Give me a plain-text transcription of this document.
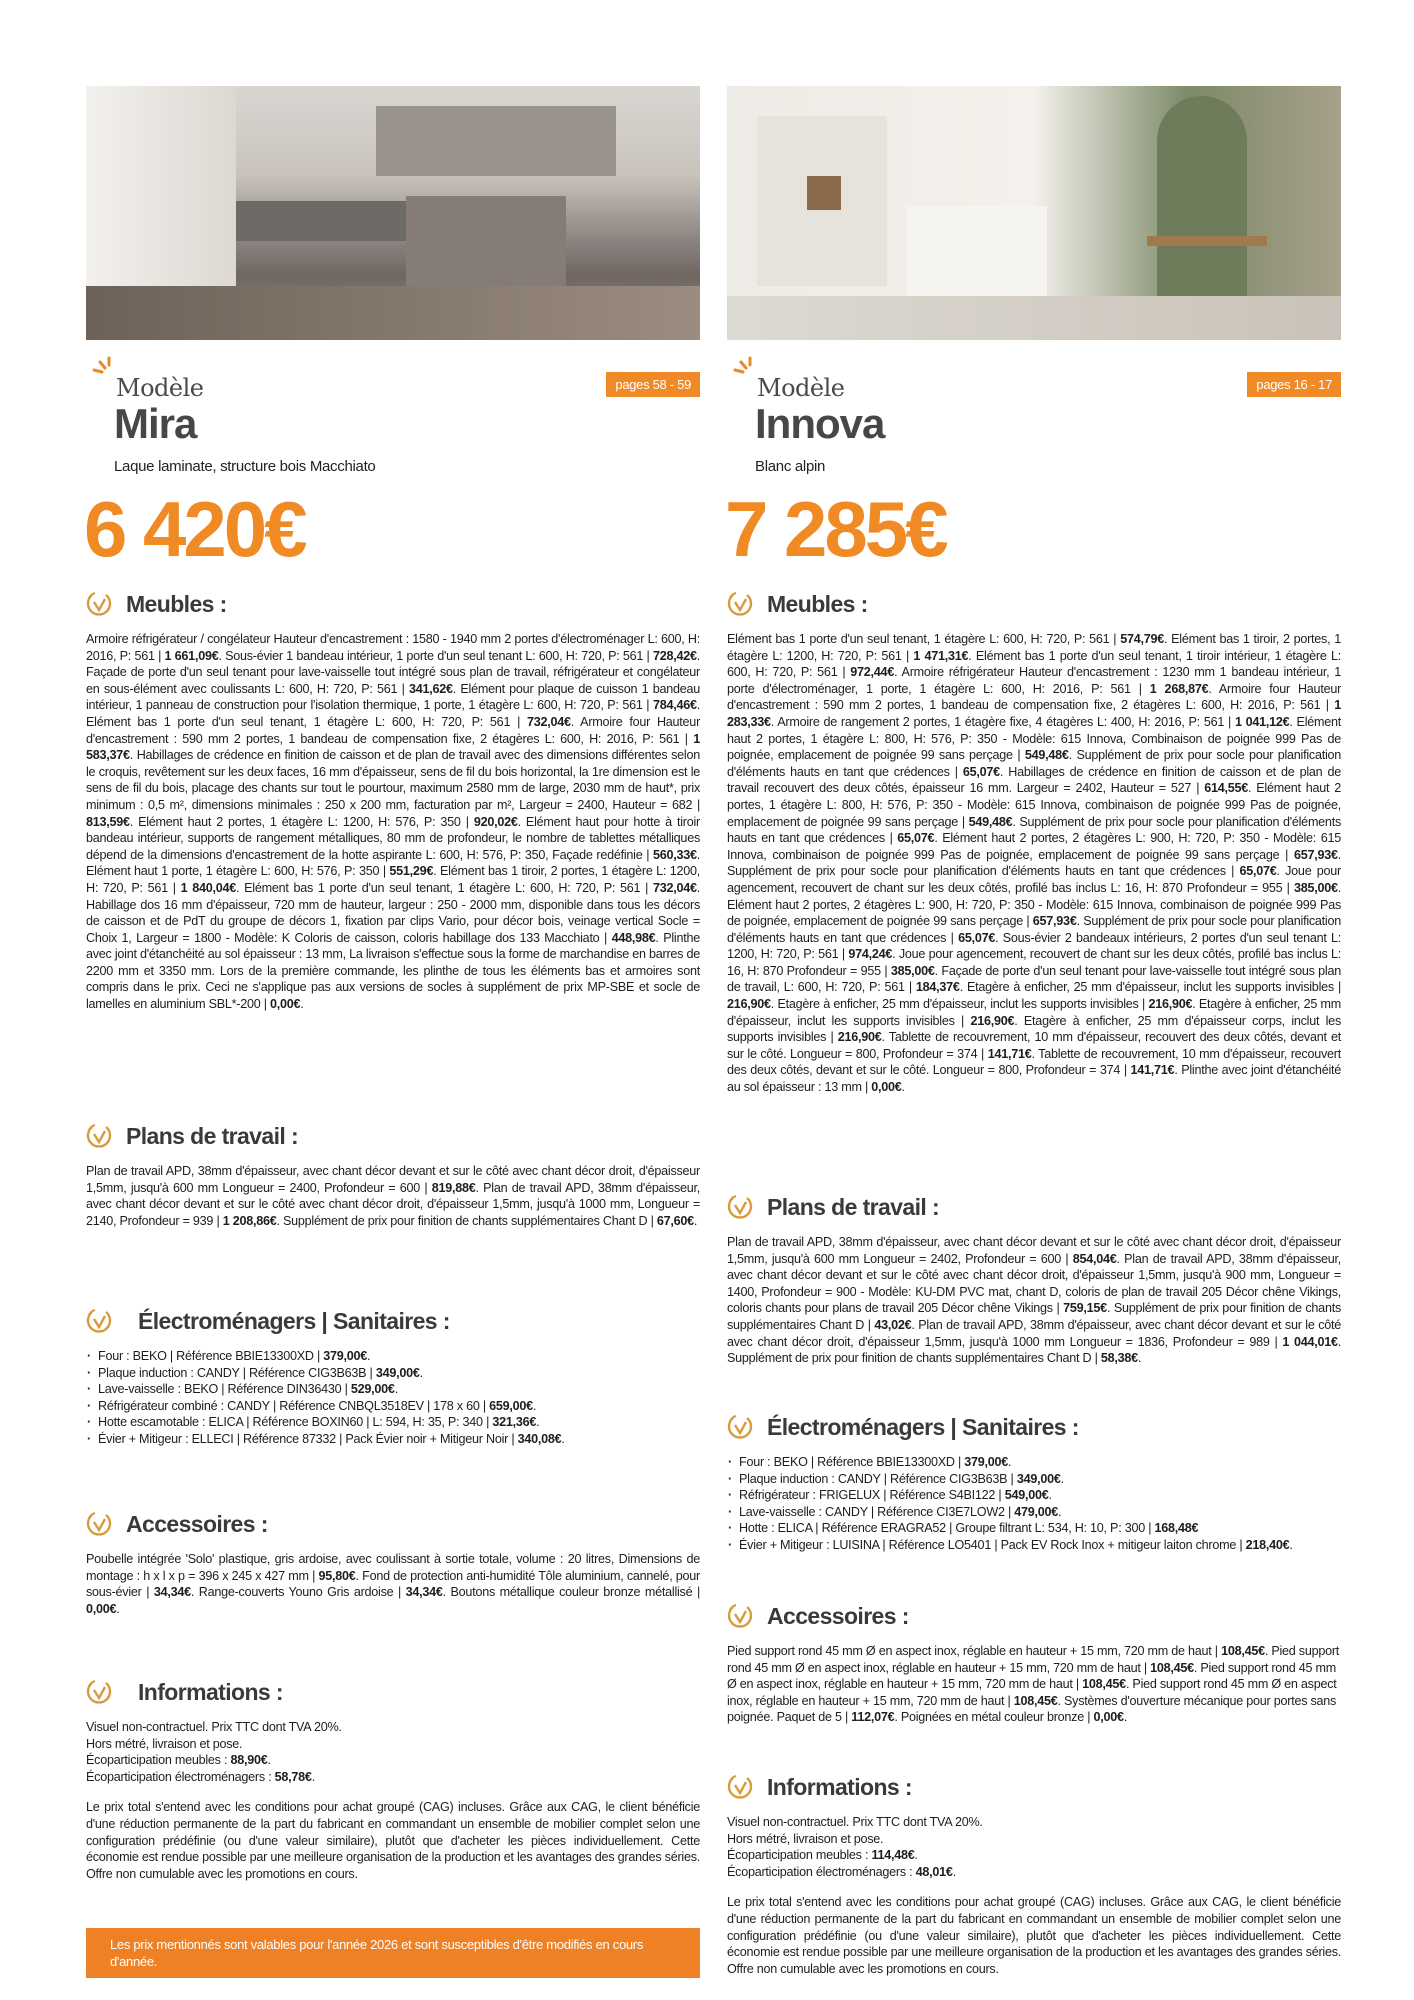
Modèle
Mira
Laque laminate, structure bois Macchiato
pages 58 - 59
6 420€
Meubles :

Armoire réfrigérateur / congélateur Hauteur d'encastrement : 1580 - 1940 mm 2 portes d'électroménager L: 600, H: 2016, P: 561 | 1 661,09€. Sous-évier 1 bandeau intérieur, 1 porte d'un seul tenant L: 600, H: 720, P: 561 | 728,42€. Façade de porte d'un seul tenant pour lave-vaisselle tout intégré sous plan de travail, réfrigérateur et congélateur en sous-élément avec coulissants L: 600, H: 720, P: 561 | 341,62€. Elément pour plaque de cuisson 1 bandeau intérieur, 1 panneau de construction pour l'isolation thermique, 1 porte, 1 étagère L: 600, H: 720, P: 561 | 784,46€. Elément bas 1 porte d'un seul tenant, 1 étagère L: 600, H: 720, P: 561 | 732,04€. Armoire four Hauteur d'encastrement : 590 mm 2 portes, 1 bandeau de compensation fixe, 2 étagères L: 600, H: 2016, P: 561 | 1 583,37€. Habillages de crédence en finition de caisson et de plan de travail avec des dimensions différentes selon le croquis, revêtement sur les deux faces, 16 mm d'épaisseur, sens de fil du bois horizontal, la 1re dimension est le sens de fil du bois, placage des chants sur tout le pourtour, maximum 2580 mm de large, 2030 mm de haut*, prix minimum : 0,5 m², dimensions minimales : 250 x 200 mm, facturation par m², Largeur = 2400, Hauteur = 682 | 813,59€. Elément haut 2 portes, 1 étagère L: 1200, H: 576, P: 350 | 920,02€. Elément haut pour hotte à tiroir bandeau intérieur, supports de rangement métalliques, 80 mm de profondeur, le nombre de tablettes métalliques dépend de la dimensions d'encastrement de la hotte aspirante L: 600, H: 576, P: 350, Façade redéfinie | 560,33€. Elément haut 1 porte, 1 étagère L: 600, H: 576, P: 350 | 551,29€. Elément bas 1 tiroir, 2 portes, 1 étagère L: 1200, H: 720, P: 561 | 1 840,04€. Elément bas 1 porte d'un seul tenant, 1 étagère L: 600, H: 720, P: 561 | 732,04€. Habillage dos 16 mm d'épaisseur, 720 mm de hauteur, largeur : 250 - 2000 mm, disponible dans tous les décors de caisson et de PdT du groupe de décors 1, fixation par clips Vario, pour décor bois, veinage vertical Socle = Choix 1, Largeur = 1800 - Modèle: K Coloris de caisson, coloris habillage dos 133 Macchiato | 448,98€. Plinthe avec joint d'étanchéité au sol épaisseur : 13 mm, La livraison s'effectue sous la forme de marchandise en barres de 2200 mm et 3350 mm. Lors de la première commande, les plinthe de tous les éléments bas et armoires sont compris dans le prix. Ceci ne s'applique pas aux versions de socles à supplément de prix MP-SBE et socle de lamelles en aluminium SBL*-200 | 0,00€.

Plans de travail :

Plan de travail APD, 38mm d'épaisseur, avec chant décor devant et sur le côté avec chant décor droit, d'épaisseur 1,5mm, jusqu'à 600 mm Longueur = 2400, Profondeur = 600 | 819,88€. Plan de travail APD, 38mm d'épaisseur, avec chant décor devant et sur le côté avec chant décor droit, d'épaisseur 1,5mm, jusqu'à 1000 mm, Longueur = 2140, Profondeur = 939 | 1 208,86€. Supplément de prix pour finition de chants supplémentaires Chant D | 67,60€.

Électroménagers | Sanitaires :
· Four : BEKO | Référence BBIE13300XD | 379,00€.
· Plaque induction : CANDY | Référence CIG3B63B | 349,00€.
· Lave-vaisselle : BEKO | Référence DIN36430 | 529,00€.
· Réfrigérateur combiné : CANDY | Référence CNBQL3518EV | 178 x 60 | 659,00€.
· Hotte escamotable : ELICA | Référence BOXIN60 | L: 594, H: 35, P: 340 | 321,36€.
· Évier + Mitigeur : ELLECI | Référence 87332 | Pack Évier noir + Mitigeur Noir | 340,08€.
Accessoires :

Poubelle intégrée 'Solo' plastique, gris ardoise, avec coulissant à sortie totale, volume : 20 litres, Dimensions de montage : h x l x p = 396 x 245 x 427 mm | 95,80€. Fond de protection anti-humidité Tôle aluminium, cannelé, pour sous-évier | 34,34€. Range-couverts Youno Gris ardoise | 34,34€. Boutons métallique couleur bronze métallisé | 0,00€.

Informations :
Visuel non-contractuel. Prix TTC dont TVA 20%.
Hors métré, livraison et pose.
Écoparticipation meubles : 88,90€.
Écoparticipation électroménagers : 58,78€.

Le prix total s'entend avec les conditions pour achat groupé (CAG) incluses. Grâce aux CAG, le client bénéficie d'une réduction permanente de la part du fabricant en commandant un ensemble de mobilier complet selon une configuration prédéfinie (ou d'une valeur similaire), plutôt que d'acheter les pièces individuellement. Cette économie est rendue possible par une meilleure organisation de la production et les avantages des grandes séries. Offre non cumulable avec les promotions en cours.

Les prix mentionnés sont valables pour l'année 2026 et sont susceptibles d'être modifiés en cours d'année.
Modèle
Innova
Blanc alpin
pages 16 - 17
7 285€
Meubles :

Elément bas 1 porte d'un seul tenant, 1 étagère L: 600, H: 720, P: 561 | 574,79€. Elément bas 1 tiroir, 2 portes, 1 étagère L: 1200, H: 720, P: 561 | 1 471,31€. Elément bas 1 porte d'un seul tenant, 1 tiroir intérieur, 1 étagère L: 600, H: 720, P: 561 | 972,44€. Armoire réfrigérateur Hauteur d'encastrement : 1230 mm 1 bandeau intérieur, 1 porte d'électroménager, 1 porte, 1 étagère L: 600, H: 2016, P: 561 | 1 268,87€. Armoire four Hauteur d'encastrement : 590 mm 2 portes, 1 bandeau de compensation fixe, 2 étagères L: 600, H: 2016, P: 561 | 1 283,33€. Armoire de rangement 2 portes, 1 étagère fixe, 4 étagères L: 400, H: 2016, P: 561 | 1 041,12€. Elément haut 2 portes, 1 étagère L: 800, H: 576, P: 350 - Modèle: 615 Innova, Combinaison de poignée 999 Pas de poignée, emplacement de poignée 99 sans perçage | 549,48€. Supplément de prix pour socle pour planification d'éléments hauts en tant que crédences | 65,07€. Habillages de crédence en finition de caisson et de plan de travail recouvert des deux côtés, épaisseur 16 mm. Largeur = 2402, Hauteur = 527 | 614,55€. Elément haut 2 portes, 1 étagère L: 800, H: 576, P: 350 - Modèle: 615 Innova, combinaison de poignée 999 Pas de poignée, emplacement de poignée 99 sans perçage | 549,48€. Supplément de prix pour socle pour planification d'éléments hauts en tant que crédences | 65,07€. Elément haut 2 portes, 2 étagères L: 900, H: 720, P: 350 - Modèle: 615 Innova, combinaison de poignée 999 Pas de poignée, emplacement de poignée 99 sans perçage | 657,93€. Supplément de prix pour socle pour planification d'éléments hauts en tant que crédences | 65,07€. Joue pour agencement, recouvert de chant sur les deux côtés, profilé bas inclus L: 16, H: 870 Profondeur = 955 | 385,00€. Elément haut 2 portes, 2 étagères L: 900, H: 720, P: 350 - Modèle: 615 Innova, combinaison de poignée 999 Pas de poignée, emplacement de poignée 99 sans perçage | 657,93€. Supplément de prix pour socle pour planification d'éléments hauts en tant que crédences | 65,07€. Sous-évier 2 bandeaux intérieurs, 2 portes d'un seul tenant L: 1200, H: 720, P: 561 | 974,24€. Joue pour agencement, recouvert de chant sur les deux côtés, profilé bas inclus L: 16, H: 870 Profondeur = 955 | 385,00€. Façade de porte d'un seul tenant pour lave-vaisselle tout intégré sous plan de travail, L: 600, H: 720, P: 561 | 184,37€. Etagère à enficher, 25 mm d'épaisseur, inclut les supports invisibles | 216,90€. Etagère à enficher, 25 mm d'épaisseur, inclut les supports invisibles | 216,90€. Etagère à enficher, 25 mm d'épaisseur, inclut les supports invisibles | 216,90€. Etagère à enficher, 25 mm d'épaisseur corps, inclut les supports invisibles | 216,90€. Tablette de recouvrement, 10 mm d'épaisseur, recouvert des deux côtés, devant et sur le côté. Longueur = 800, Profondeur = 374 | 141,71€. Tablette de recouvrement, 10 mm d'épaisseur, recouvert des deux côtés, devant et sur le côté. Longueur = 800, Profondeur = 374 | 141,71€. Plinthe avec joint d'étanchéité au sol épaisseur : 13 mm | 0,00€.

Plans de travail :

Plan de travail APD, 38mm d'épaisseur, avec chant décor devant et sur le côté avec chant décor droit, d'épaisseur 1,5mm, jusqu'à 600 mm Longueur = 2402, Profondeur = 600 | 854,04€. Plan de travail APD, 38mm d'épaisseur, avec chant décor devant et sur le côté avec chant décor droit, d'épaisseur 1,5mm, jusqu'à 900 mm, Longueur = 1400, Profondeur = 900 - Modèle: KU-DM PVC mat, chant D, coloris de plan de travail 205 Décor chêne Vikings, coloris chants pour plans de travail 205 Décor chêne Vikings | 759,15€. Supplément de prix pour finition de chants supplémentaires Chant D | 43,02€. Plan de travail APD, 38mm d'épaisseur, avec chant décor devant et sur le côté avec chant décor droit, d'épaisseur 1,5mm, jusqu'à 1000 mm Longueur = 1836, Profondeur = 989 | 1 044,01€. Supplément de prix pour finition de chants supplémentaires Chant D | 58,38€.

Électroménagers | Sanitaires :
· Four : BEKO | Référence BBIE13300XD | 379,00€.
· Plaque induction : CANDY | Référence CIG3B63B | 349,00€.
· Réfrigérateur : FRIGELUX | Référence S4BI122 | 549,00€.
· Lave-vaisselle : CANDY | Référence CI3E7LOW2 | 479,00€.
· Hotte : ELICA | Référence ERAGRA52 | Groupe filtrant L: 534, H: 10, P: 300 | 168,48€
· Évier + Mitigeur : LUISINA | Référence LO5401 | Pack EV Rock Inox + mitigeur laiton chrome | 218,40€.
Accessoires :

Pied support rond 45 mm Ø en aspect inox, réglable en hauteur + 15 mm, 720 mm de haut | 108,45€. Pied support rond 45 mm Ø en aspect inox, réglable en hauteur + 15 mm, 720 mm de haut | 108,45€. Pied support rond 45 mm Ø en aspect inox, réglable en hauteur + 15 mm, 720 mm de haut | 108,45€. Pied support rond 45 mm Ø en aspect inox, réglable en hauteur + 15 mm, 720 mm de haut | 108,45€. Systèmes d'ouverture mécanique pour portes sans poignée. Paquet de 5 | 112,07€. Poignées en métal couleur bronze | 0,00€.

Informations :
Visuel non-contractuel. Prix TTC dont TVA 20%.
Hors métré, livraison et pose.
Écoparticipation meubles : 114,48€.
Écoparticipation électroménagers : 48,01€.

Le prix total s'entend avec les conditions pour achat groupé (CAG) incluses. Grâce aux CAG, le client bénéficie d'une réduction permanente de la part du fabricant en commandant un ensemble de mobilier complet selon une configuration prédéfinie (ou d'une valeur similaire), plutôt que d'acheter les pièces individuellement. Cette économie est rendue possible par une meilleure organisation de la production et les avantages des grandes séries. Offre non cumulable avec les promotions en cours.
